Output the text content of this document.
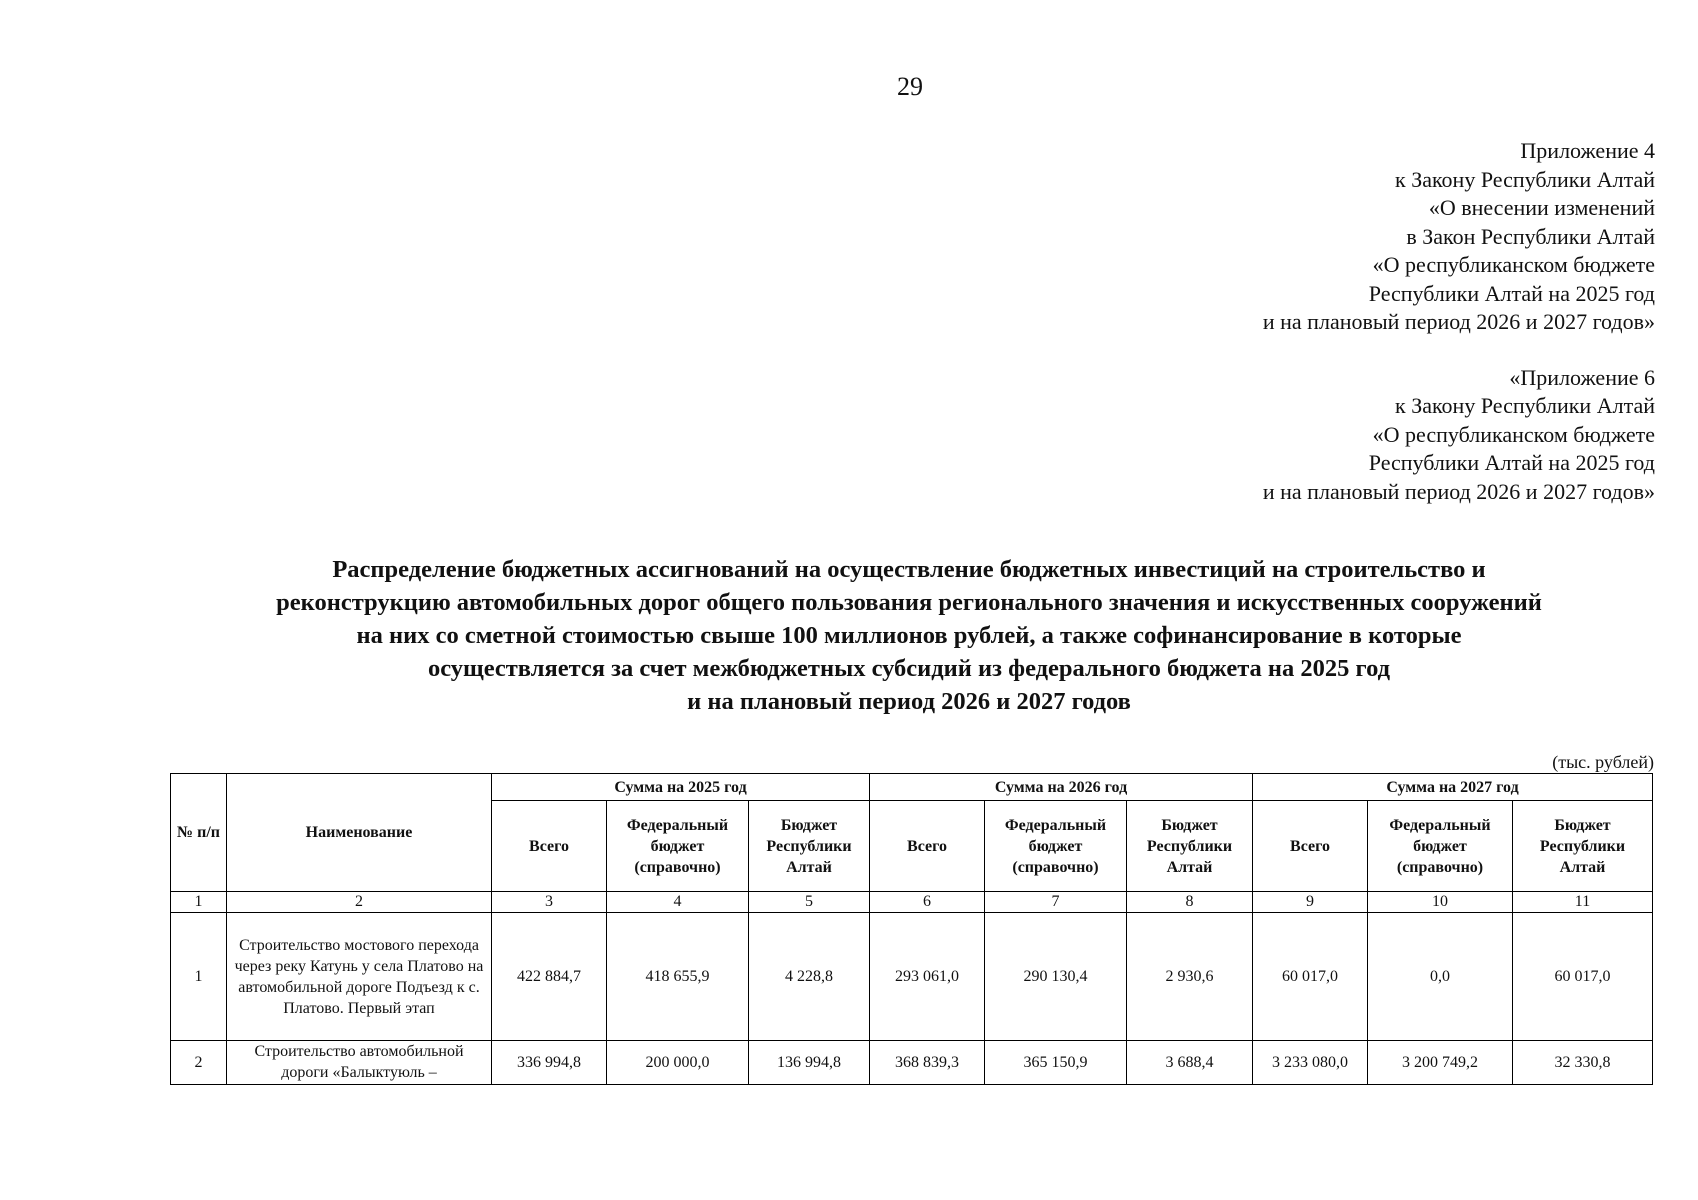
29
Приложение 4
к Закону Республики Алтай
«О внесении изменений
в Закон Республики Алтай
«О республиканском бюджете
Республики Алтай на 2025 год
и на плановый период 2026 и 2027 годов»
«Приложение 6
к Закону Республики Алтай
«О республиканском бюджете
Республики Алтай на 2025 год
и на плановый период 2026 и 2027 годов»
Распределение бюджетных ассигнований на осуществление бюджетных инвестиций на строительство и
реконструкцию автомобильных дорог общего пользования регионального значения и искусственных сооружений
на них со сметной стоимостью свыше 100 миллионов рублей, а также софинансирование в которые
осуществляется за счет межбюджетных субсидий из федерального бюджета на 2025 год
и на плановый период 2026 и 2027 годов
(тыс. рублей)
№ п/п	Наименование	Сумма на 2025 год			Сумма на 2026 год			Сумма на 2027 год		
		Всего	Федеральный бюджет (справочно)	Бюджет Республики Алтай	Всего	Федеральный бюджет (справочно)	Бюджет Республики Алтай	Всего	Федеральный бюджет (справочно)	Бюджет Республики Алтай
1	2	3	4	5	6	7	8	9	10	11
1	Строительство мостового перехода через реку Катунь у села Платово на автомобильной дороге Подъезд к с. Платово. Первый этап	422 884,7	418 655,9	4 228,8	293 061,0	290 130,4	2 930,6	60 017,0	0,0	60 017,0
2	Строительство автомобильной дороги «Балыктуюль –	336 994,8	200 000,0	136 994,8	368 839,3	365 150,9	3 688,4	3 233 080,0	3 200 749,2	32 330,8
